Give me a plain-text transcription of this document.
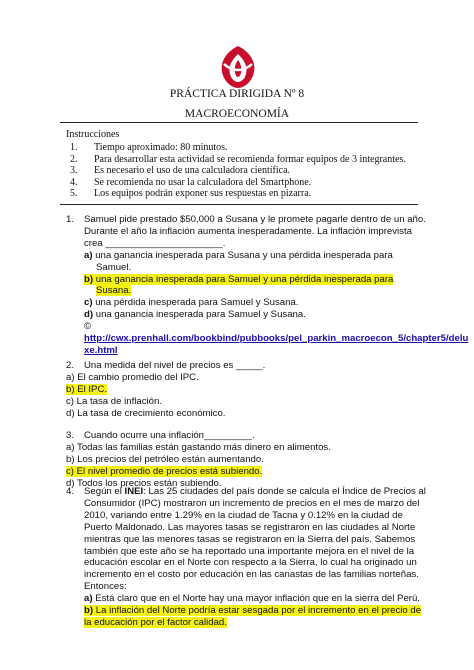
PRÁCTICA DIRIGIDA Nº 8
MACROECONOMÍA
Instrucciones
1. Tiempo aproximado: 80 minutos.
2. Para desarrollar esta actividad se recomienda formar equipos de 3 integrantes.
3. Es necesario el uso de una calculadora científica.
4. Se recomienda no usar la calculadora del Smartphone.
5. Los equipos podrán exponer sus respuestas en pizarra.
1. Samuel pide prestado $50,000 a Susana y le promete pagarle dentro de un año.
Durante el año la inflación aumenta inesperadamente. La inflación imprevista
crea ______________________.
a) una ganancia inesperada para Susana y una pérdida inesperada para
Samuel.
b) una ganancia inesperada para Samuel y una pérdida inesperada para
Susana.
c) una pérdida inesperada para Samuel y Susana.
d) una ganancia inesperada para Samuel y Susana.
©
http://cwx.prenhall.com/bookbind/pubbooks/pel_parkin_macroecon_5/chapter5/delu
xe.html
2. Una medida del nivel de precios es _____.
a) El cambio promedio del IPC.
b) El IPC.
c) La tasa de inflación.
d) La tasa de crecimiento económico.
3. Cuando ocurre una inflación_________.
a) Todas las familias están gastando más dinero en alimentos.
b) Los precios del petróleo están aumentando.
c) El nivel promedio de precios está subiendo.
d) Todos los precios están subiendo.
4. Según el INEI: Las 25 ciudades del país donde se calcula el Índice de Precios al
Consumidor (IPC) mostraron un incremento de precios en el mes de marzo del
2010, variando entre 1.29% en la ciudad de Tacna y 0.12% en la ciudad de
Puerto Maldonado. Las mayores tasas se registraron en las ciudades al Norte
mientras que las menores tasas se registraron en la Sierra del país. Sabemos
también que este año se ha reportado una importante mejora en el nivel de la
educación escolar en el Norte con respecto a la Sierra, lo cual ha originado un
incremento en el costo por educación en las canastas de las familias norteñas.
Entonces:
a) Está claro que en el Norte hay una mayor inflación que en la sierra del Perú.
b) La inflación del Norte podría estar sesgada por el incremento en el precio de
la educación por el factor calidad.
